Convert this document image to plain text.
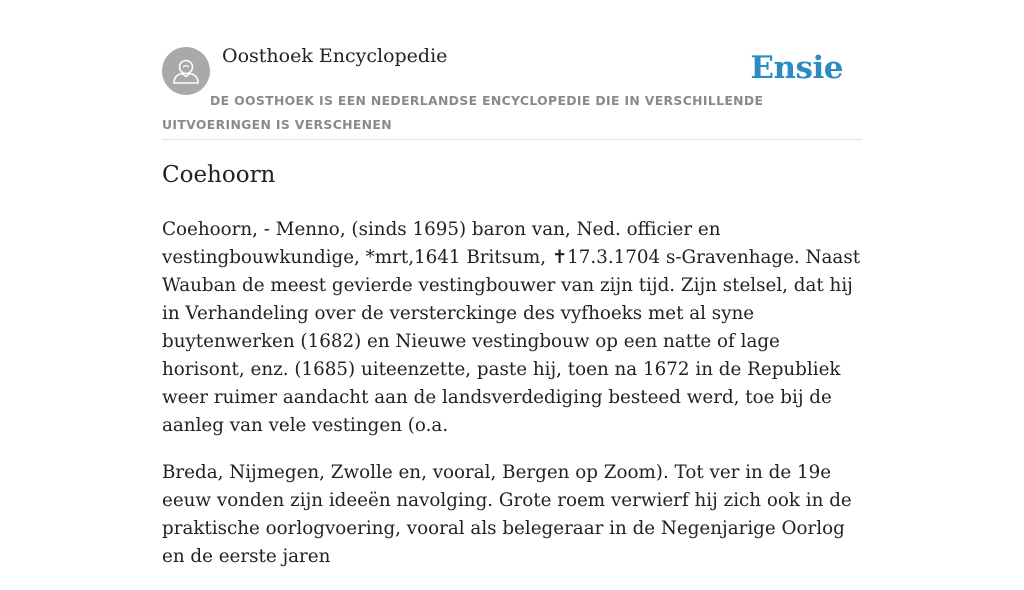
Oosthoek Encyclopedie	Ensie
DE OOSTHOEK IS EEN NEDERLANDSE ENCYCLOPEDIE DIE IN VERSCHILLENDE UITVOERINGEN IS VERSCHENEN
Coehoorn

Coehoorn, - Menno, (sinds 1695) baron van, Ned. officier en vestingbouwkundige, *mrt,1641 Britsum, ✝17.3.1704 s-Gravenhage. Naast Wauban de meest gevierde vestingbouwer van zijn tijd. Zijn stelsel, dat hij in Verhandeling over de versterckinge des vyfhoeks met al syne buytenwerken (1682) en Nieuwe vestingbouw op een natte of lage horisont, enz. (1685) uiteenzette, paste hij, toen na 1672 in de Republiek weer ruimer aandacht aan de landsverdediging besteed werd, toe bij de aanleg van vele vestingen (o.a.

Breda, Nijmegen, Zwolle en, vooral, Bergen op Zoom). Tot ver in de 19e eeuw vonden zijn ideeën navolging. Grote roem verwierf hij zich ook in de praktische oorlogvoering, vooral als belegeraar in de Negenjarige Oorlog en de eerste jaren
